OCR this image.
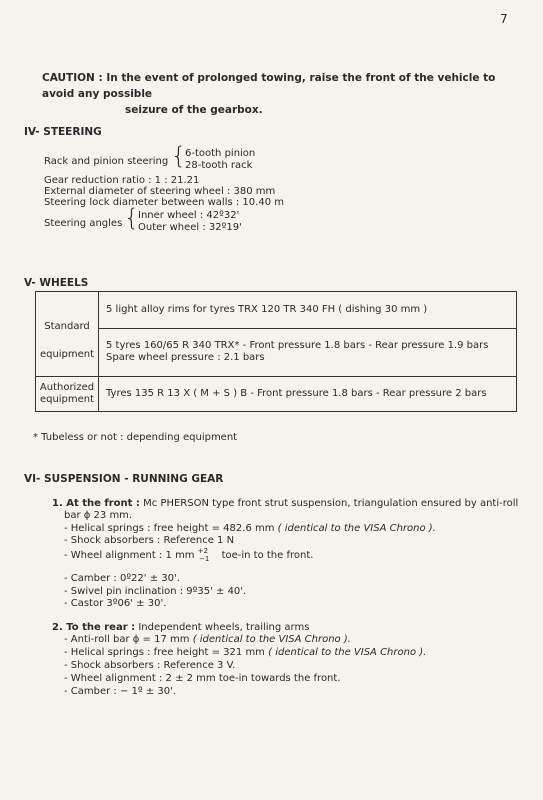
7
CAUTION : In the event of prolonged towing, raise the front of the vehicle to avoid any possible
seizure of the gearbox.
IV- STEERING
Rack and pinion steering {
6-tooth pinion
28-tooth rack
Gear reduction ratio : 1 : 21.21
External diameter of steering wheel : 380 mm
Steering lock diameter between walls : 10.40 m
Steering angles {
Inner wheel : 42º32'
Outer wheel : 32º19'
V- WHEELS
Standard
equipment
5 light alloy rims for tyres TRX 120 TR 340 FH ( dishing 30 mm )
5 tyres 160/65 R 340 TRX* - Front pressure 1.8 bars - Rear pressure 1.9 bars
Spare wheel pressure : 2.1 bars
Authorized
equipment
Tyres 135 R 13 X ( M + S ) B - Front pressure 1.8 bars - Rear pressure 2 bars
* Tubeless or not : depending equipment
VI- SUSPENSION - RUNNING GEAR
1. At the front : Mc PHERSON type front strut suspension, triangulation ensured by anti-roll
bar ϕ 23 mm.
- Helical springs : free height = 482.6 mm ( identical to the VISA Chrono ).
- Shock absorbers : Reference 1 N
- Wheel alignment : 1 mm +2−1 toe-in to the front.
- Camber : 0º22' ± 30'.
- Swivel pin inclination : 9º35' ± 40'.
- Castor 3º06' ± 30'.
2. To the rear : Independent wheels, trailing arms
- Anti-roll bar ϕ = 17 mm ( identical to the VISA Chrono ).
- Helical springs : free height = 321 mm ( identical to the VISA Chrono ).
- Shock absorbers : Reference 3 V.
- Wheel alignment : 2 ± 2 mm toe-in towards the front.
- Camber : − 1º ± 30'.
